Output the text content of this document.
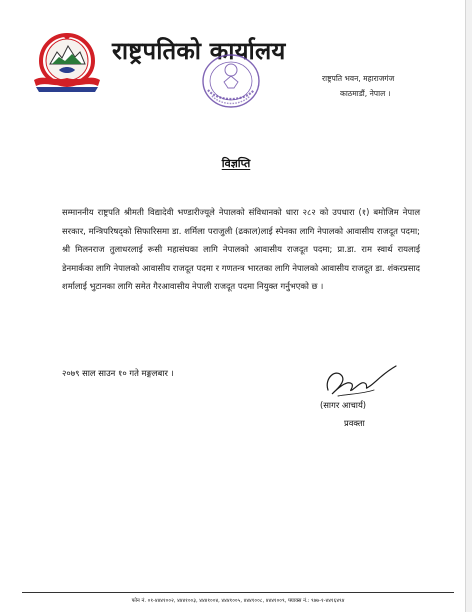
राष्ट्रपतिको कार्यालय
राष्ट्रपति भवन, महाराजगंज
काठमाडौं, नेपाल ।
विज्ञप्ति

सम्माननीय राष्ट्रपति श्रीमती विद्यादेवी भण्डारीज्यूले नेपालको संविधानको धारा २८२ को उपधारा (१) बमोजिम नेपाल सरकार, मन्त्रिपरिषद्को सिफारिसमा डा. शर्मिला पराजुली (ढकाल)लाई स्पेनका लागि नेपालको आवासीय राजदूत पदमा; श्री मिलनराज तुलाधरलाई रूसी महासंघका लागि नेपालको आवासीय राजदूत पदमा; प्रा.डा. राम स्वार्थ रायलाई डेनमार्कका लागि नेपालको आवासीय राजदूत पदमा र गणतन्त्र भारतका लागि नेपालको आवासीय राजदूत डा. शंकरप्रसाद शर्मालाई भुटानका लागि समेत गैरआवासीय नेपाली राजदूत पदमा नियुक्त गर्नुभएको छ ।

२०७९ साल साउन १० गते मङ्गलबार ।
(सागर आचार्य)
प्रवक्ता
फोन नं. ०१-४४४१००२, ४४४१००३, ४४४१००४, ४४४१००५, ४४४१००८, ४४४१००९, फ्याक्स नं.: ९७७-१-४४१६४९४
